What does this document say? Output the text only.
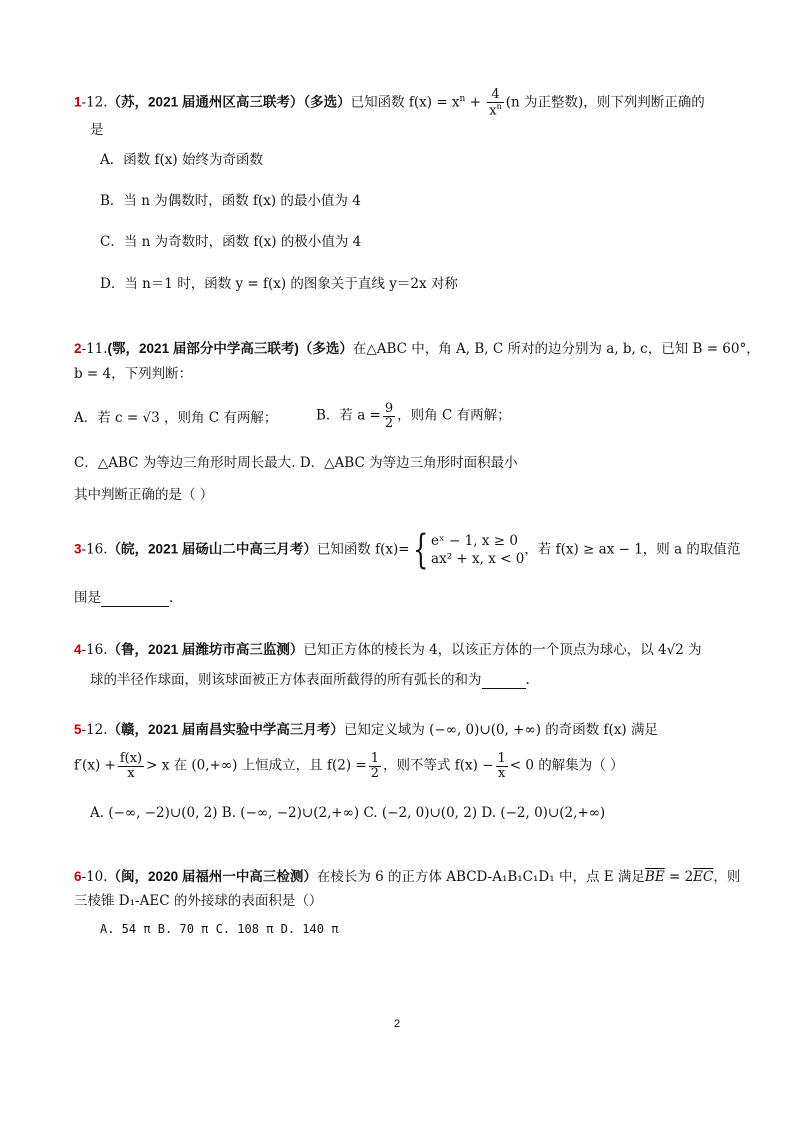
1-12.（苏，2021 届通州区高三联考）（多选）已知函数 $f(x) = x^n + \frac{4}{x^n} (n$ 为正整数)，则下列判断正确的
是
A．函数 f(x) 始终为奇函数
B．当 n 为偶数时，函数 f(x) 的最小值为 4
C．当 n 为奇数时，函数 f(x) 的极小值为 4
D．当 n＝1 时，函数 y = f(x) 的图象关于直线 y＝2x 对称
2-11.(鄂，2021 届部分中学高三联考)（多选）在△ABC 中，角 A, B, C 所对的边分别为 a, b, c，已知 B = 60°，
b = 4，下列判断：
A．若 c = √3 ，则角 C 有两解；	B．若 $a = \frac{9}{2}$ ，则角 C 有两解；
C．△ABC 为等边三角形时周长最大. D．△ABC 为等边三角形时面积最小
其中判断正确的是（ ）
3-16.（皖，2021 届砀山二中高三月考）已知函数 f(x)={ eˣ − 1, x ≥ 0
ax² + x, x < 0
，若 f(x) ≥ ax − 1，则 a 的取值范
围是	.
4-16.（鲁，2021 届潍坊市高三监测）已知正方体的棱长为 4，以该正方体的一个顶点为球心，以 4√2 为
球的半径作球面，则该球面被正方体表面所截得的所有弧长的和为	.
5-12.（赣，2021 届南昌实验中学高三月考）已知定义域为 (−∞, 0)∪(0, +∞) 的奇函数 f(x) 满足
$f'(x) + \frac{f(x)}{x} > x$ 在 (0,+∞) 上恒成立，且 $f(2) = \frac{1}{2}$ ，则不等式 $f(x) - \frac{1}{x} < 0$ 的解集为（ ）
A. (−∞, −2)∪(0, 2) B. (−∞, −2)∪(2,+∞) C. (−2, 0)∪(0, 2) D. (−2, 0)∪(2,+∞)
6-10.（闽，2020 届福州一中高三检测）在棱长为 6 的正方体 ABCD-A₁B₁C₁D₁ 中，点 E 满足$\overline{BE} = 2\overline{EC}$，则
三棱锥 D₁-AEC 的外接球的表面积是（）
A. 54 π B. 70 π C. 108 π D. 140 π
2
